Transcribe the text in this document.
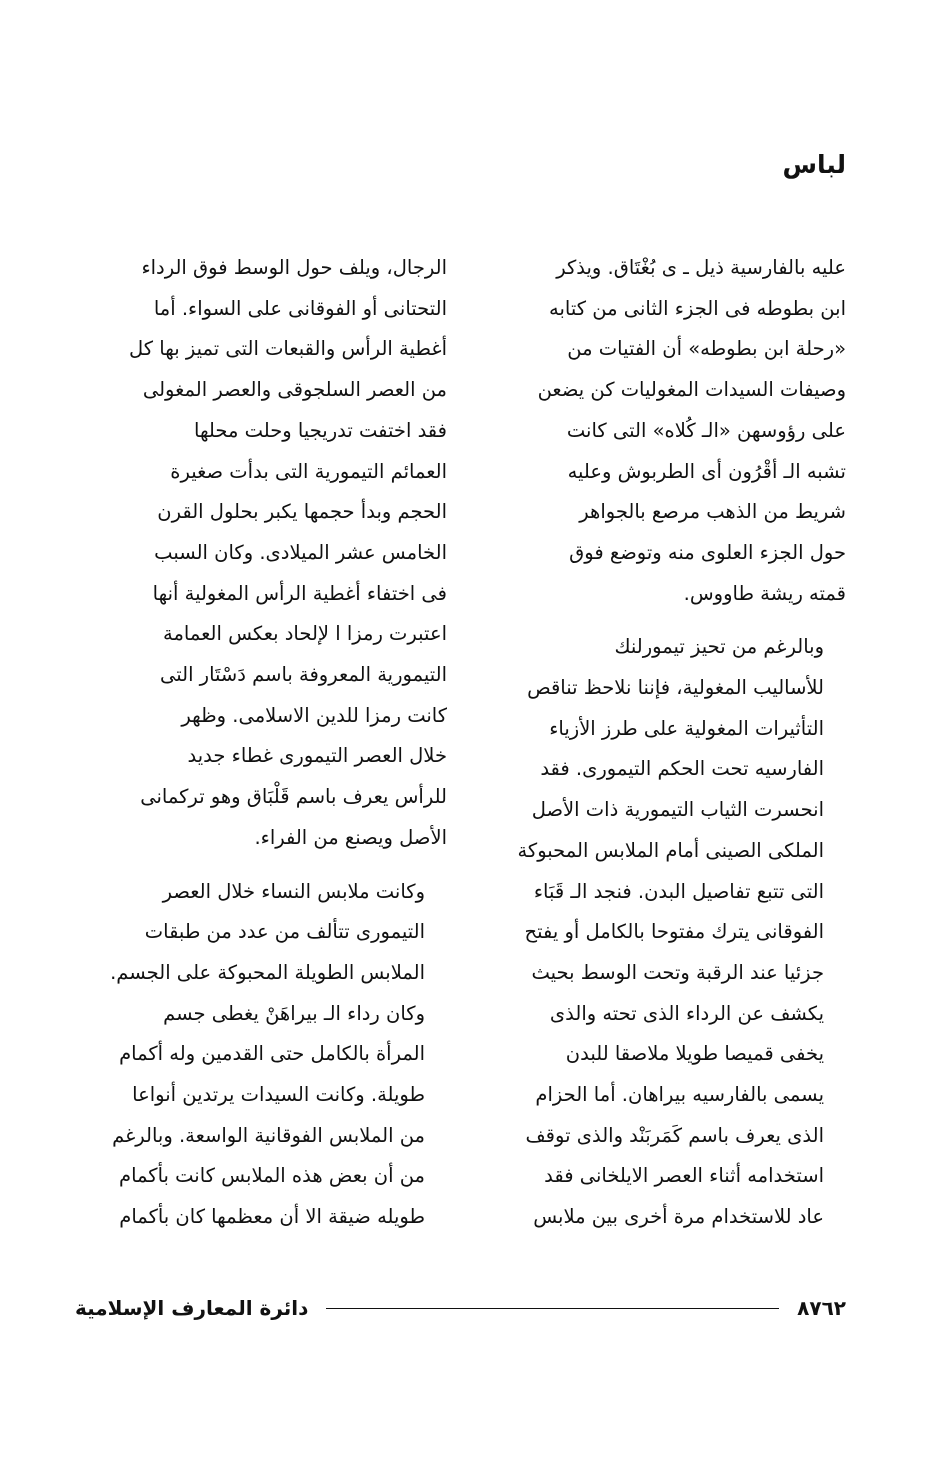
لباس

عليه بالفارسية ذيل ـ ى بُغْتَاق. ويذكر
ابن بطوطه فى الجزء الثانى من كتابه
«رحلة ابن بطوطه» أن الفتيات من
وصيفات السيدات المغوليات كن يضعن
على رؤوسهن «الـ كُلاه» التى كانت
تشبه الـ أقْرُون أى الطربوش وعليه
شريط من الذهب مرصع بالجواهر
حول الجزء العلوى منه وتوضع فوق
قمته ريشة طاووس.

وبالرغم من تحيز تيمورلنك
للأساليب المغولية، فإننا نلاحظ تناقص
التأثيرات المغولية على طرز الأزياء
الفارسيه تحت الحكم التيمورى. فقد
انحسرت الثياب التيمورية ذات الأصل
الملكى الصينى أمام الملابس المحبوكة
التى تتبع تفاصيل البدن. فنجد الـ قَبَاء
الفوقانى يترك مفتوحا بالكامل أو يفتح
جزئيا عند الرقبة وتحت الوسط بحيث
يكشف عن الرداء الذى تحته والذى
يخفى قميصا طويلا ملاصقا للبدن
يسمى بالفارسيه بيراهان. أما الحزام
الذى يعرف باسم كَمَربَنْد والذى توقف
استخدامه أثناء العصر الايلخانى فقد
عاد للاستخدام مرة أخرى بين ملابس

الرجال، ويلف حول الوسط فوق الرداء
التحتانى أو الفوقانى على السواء. أما
أغطية الرأس والقبعات التى تميز بها كل
من العصر السلجوقى والعصر المغولى
فقد اختفت تدريجيا وحلت محلها
العمائم التيمورية التى بدأت صغيرة
الحجم وبدأ حجمها يكبر بحلول القرن
الخامس عشر الميلادى. وكان السبب
فى اختفاء أغطية الرأس المغولية أنها
اعتبرت رمزا ا لإلحاد بعكس العمامة
التيمورية المعروفة باسم دَسْتَار التى
كانت رمزا للدين الاسلامى. وظهر
خلال العصر التيمورى غطاء جديد
للرأس يعرف باسم قَلْبَاق وهو تركمانى
الأصل ويصنع من الفراء.

وكانت ملابس النساء خلال العصر
التيمورى تتألف من عدد من طبقات
الملابس الطويلة المحبوكة على الجسم.
وكان رداء الـ بيراهَنْ يغطى جسم
المرأة بالكامل حتى القدمين وله أكمام
طويلة. وكانت السيدات يرتدين أنواعا
من الملابس الفوقانية الواسعة. وبالرغم
من أن بعض هذه الملابس كانت بأكمام
طويله ضيقة الا أن معظمها كان بأكمام

٨٧٦٢
دائرة المعارف الإسلامية
